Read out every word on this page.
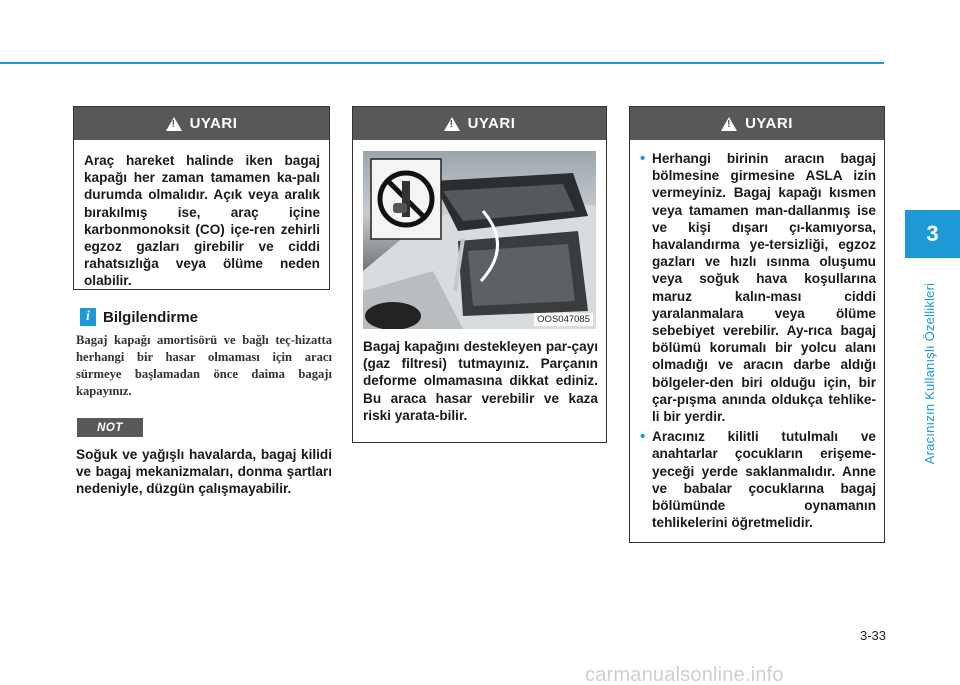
3
Aracınızın Kullanışlı Özellikleri
!
UYARI
Araç hareket halinde iken bagaj kapağı her zaman tamamen ka-palı durumda olmalıdır. Açık veya aralık bırakılmış ise, araç içine karbonmonoksit (CO) içe-ren zehirli egzoz gazları girebilir ve ciddi rahatsızlığa veya ölüme neden olabilir.
i Bilgilendirme
Bagaj kapağı amortisörü ve bağlı teç-hizatta herhangi bir hasar olmaması için aracı sürmeye başlamadan önce daima bagajı kapayınız.
NOT
Soğuk ve yağışlı havalarda, bagaj kilidi ve bagaj mekanizmaları, donma şartları nedeniyle, düzgün çalışmayabilir.
!
UYARI
OOS047085
Bagaj kapağını destekleyen par-çayı (gaz filtresi) tutmayınız. Parçanın deforme olmamasına dikkat ediniz. Bu araca hasar verebilir ve kaza riski yarata-bilir.
!
UYARI
• Herhangi birinin aracın bagaj bölmesine girmesine ASLA izin vermeyiniz. Bagaj kapağı kısmen veya tamamen man-dallanmış ise ve kişi dışarı çı-kamıyorsa, havalandırma ye-tersizliği, egzoz gazları ve hızlı ısınma oluşumu veya soğuk hava koşullarına maruz kalın-ması ciddi yaralanmalara veya ölüme sebebiyet verebilir. Ay-rıca bagaj bölümü korumalı bir yolcu alanı olmadığı ve aracın darbe aldığı bölgeler-den biri olduğu için, bir çar-pışma anında oldukça tehlike-li bir yerdir.
• Aracınız kilitli tutulmalı ve anahtarlar çocukların erişeme-yeceği yerde saklanmalıdır. Anne ve babalar çocuklarına bagaj bölümünde oynamanın tehlikelerini öğretmelidir.
3-33
carmanualsonline.info
